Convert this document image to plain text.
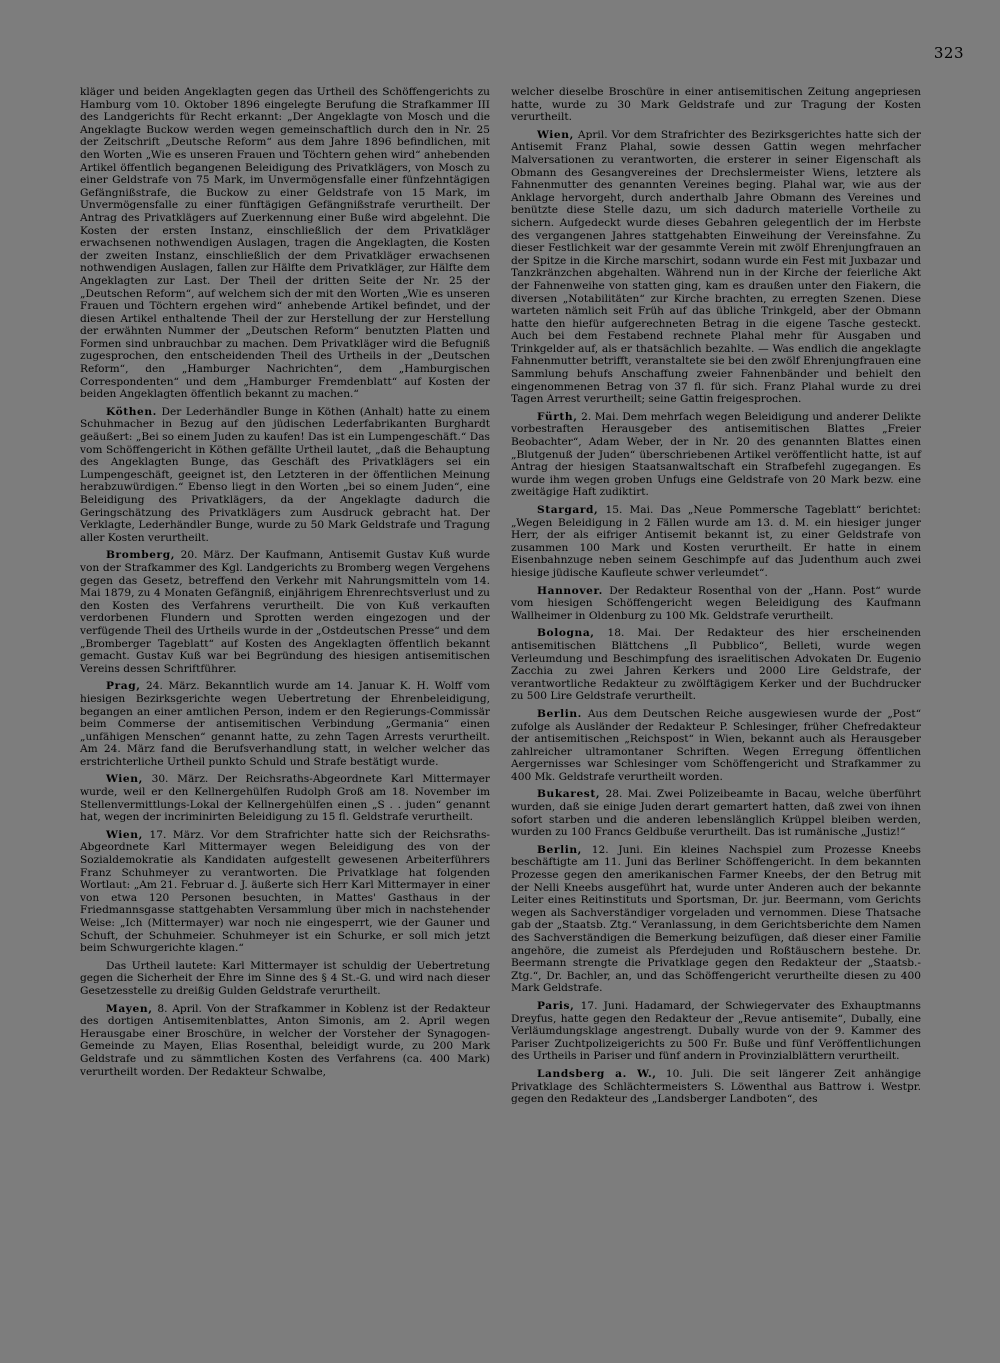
323

kläger und beiden Angeklagten gegen das Urtheil des Schöffengerichts zu Hamburg vom 10. Oktober 1896 eingelegte Berufung die Strafkammer III des Landgerichts für Recht erkannt: „Der Angeklagte von Mosch und die Angeklagte Buckow werden wegen gemeinschaftlich durch den in Nr. 25 der Zeitschrift „Deutsche Reform“ aus dem Jahre 1896 befindlichen, mit den Worten „Wie es unseren Frauen und Töchtern gehen wird“ anhebenden Artikel öffentlich begangenen Beleidigung des Privatklägers, von Mosch zu einer Geldstrafe von 75 Mark, im Unvermögensfalle einer fünfzehntägigen Gefängnißstrafe, die Buckow zu einer Geldstrafe von 15 Mark, im Unvermögensfalle zu einer fünftägigen Gefängnißstrafe verurtheilt. Der Antrag des Privatklägers auf Zuerkennung einer Buße wird abgelehnt. Die Kosten der ersten Instanz, einschließlich der dem Privatkläger erwachsenen nothwendigen Auslagen, tragen die Angeklagten, die Kosten der zweiten Instanz, einschließlich der dem Privatkläger erwachsenen nothwendigen Auslagen, fallen zur Hälfte dem Privatkläger, zur Hälfte dem Angeklagten zur Last. Der Theil der dritten Seite der Nr. 25 der „Deutschen Reform“, auf welchem sich der mit den Worten „Wie es unseren Frauen und Töchtern ergehen wird“ anhebende Artikel befindet, und der diesen Artikel enthaltende Theil der zur Herstellung der zur Herstellung der erwähnten Nummer der „Deutschen Reform“ benutzten Platten und Formen sind unbrauchbar zu machen. Dem Privatkläger wird die Befugniß zugesprochen, den entscheidenden Theil des Urtheils in der „Deutschen Reform“, den „Hamburger Nachrichten“, dem „Hamburgischen Correspondenten“ und dem „Hamburger Fremdenblatt“ auf Kosten der beiden Angeklagten öffentlich bekannt zu machen.“

Köthen. Der Lederhändler Bunge in Köthen (Anhalt) hatte zu einem Schuhmacher in Bezug auf den jüdischen Lederfabrikanten Burghardt geäußert: „Bei so einem Juden zu kaufen! Das ist ein Lumpengeschäft.“ Das vom Schöffengericht in Köthen gefällte Urtheil lautet, „daß die Behauptung des Angeklagten Bunge, das Geschäft des Privatklägers sei ein Lumpengeschäft, geeignet ist, den Letzteren in der öffentlichen Meinung herabzuwürdigen.“ Ebenso liegt in den Worten „bei so einem Juden“, eine Beleidigung des Privatklägers, da der Angeklagte dadurch die Geringschätzung des Privatklägers zum Ausdruck gebracht hat. Der Verklagte, Lederhändler Bunge, wurde zu 50 Mark Geldstrafe und Tragung aller Kosten verurtheilt.

Bromberg, 20. März. Der Kaufmann, Antisemit Gustav Kuß wurde von der Strafkammer des Kgl. Landgerichts zu Bromberg wegen Vergehens gegen das Gesetz, betreffend den Verkehr mit Nahrungsmitteln vom 14. Mai 1879, zu 4 Monaten Gefängniß, einjährigem Ehrenrechtsverlust und zu den Kosten des Verfahrens verurtheilt. Die von Kuß verkauften verdorbenen Flundern und Sprotten werden eingezogen und der verfügende Theil des Urtheils wurde in der „Ostdeutschen Presse“ und dem „Bromberger Tageblatt“ auf Kosten des Angeklagten öffentlich bekannt gemacht. Gustav Kuß war bei Begründung des hiesigen antisemitischen Vereins dessen Schriftführer.

Prag, 24. März. Bekanntlich wurde am 14. Januar K. H. Wolff vom hiesigen Bezirksgerichte wegen Uebertretung der Ehrenbeleidigung, begangen an einer amtlichen Person, indem er den Regierungs-Commissär beim Commerse der antisemitischen Verbindung „Germania“ einen „unfähigen Menschen“ genannt hatte, zu zehn Tagen Arrests verurtheilt. Am 24. März fand die Berufsverhandlung statt, in welcher welcher das erstrichterliche Urtheil punkto Schuld und Strafe bestätigt wurde.

Wien, 30. März. Der Reichsraths-Abgeordnete Karl Mittermayer wurde, weil er den Kellnergehülfen Rudolph Groß am 18. November im Stellenvermittlungs-Lokal der Kellnergehülfen einen „S . . juden“ genannt hat, wegen der incriminirten Beleidigung zu 15 fl. Geldstrafe verurtheilt.

Wien, 17. März. Vor dem Strafrichter hatte sich der Reichsraths-Abgeordnete Karl Mittermayer wegen Beleidigung des von der Sozialdemokratie als Kandidaten aufgestellt gewesenen Arbeiterführers Franz Schuhmeyer zu verantworten. Die Privatklage hat folgenden Wortlaut: „Am 21. Februar d. J. äußerte sich Herr Karl Mittermayer in einer von etwa 120 Personen besuchten, in Mattes' Gasthaus in der Friedmannsgasse stattgehabten Versammlung über mich in nachstehender Weise: „Ich (Mittermayer) war noch nie eingesperrt, wie der Gauner und Schuft, der Schuhmeier. Schuhmeyer ist ein Schurke, er soll mich jetzt beim Schwurgerichte klagen.“

Das Urtheil lautete: Karl Mittermayer ist schuldig der Uebertretung gegen die Sicherheit der Ehre im Sinne des § 4 St.-G. und wird nach dieser Gesetzesstelle zu dreißig Gulden Geldstrafe verurtheilt.

Mayen, 8. April. Von der Strafkammer in Koblenz ist der Redakteur des dortigen Antisemitenblattes, Anton Simonis, am 2. April wegen Herausgabe einer Broschüre, in welcher der Vorsteher der Synagogen-Gemeinde zu Mayen, Elias Rosenthal, beleidigt wurde, zu 200 Mark Geldstrafe und zu sämmtlichen Kosten des Verfahrens (ca. 400 Mark) verurtheilt worden. Der Redakteur Schwalbe,

welcher dieselbe Broschüre in einer antisemitischen Zeitung angepriesen hatte, wurde zu 30 Mark Geldstrafe und zur Tragung der Kosten verurtheilt.

Wien, April. Vor dem Strafrichter des Bezirksgerichtes hatte sich der Antisemit Franz Plahal, sowie dessen Gattin wegen mehrfacher Malversationen zu verantworten, die ersterer in seiner Eigenschaft als Obmann des Gesangvereines der Drechslermeister Wiens, letztere als Fahnenmutter des genannten Vereines beging. Plahal war, wie aus der Anklage hervorgeht, durch anderthalb Jahre Obmann des Vereines und benützte diese Stelle dazu, um sich dadurch materielle Vortheile zu sichern. Aufgedeckt wurde dieses Gebahren gelegentlich der im Herbste des vergangenen Jahres stattgehabten Einweihung der Vereinsfahne. Zu dieser Festlichkeit war der gesammte Verein mit zwölf Ehrenjungfrauen an der Spitze in die Kirche marschirt, sodann wurde ein Fest mit Juxbazar und Tanzkränzchen abgehalten. Während nun in der Kirche der feierliche Akt der Fahnenweihe von statten ging, kam es draußen unter den Fiakern, die diversen „Notabilitäten“ zur Kirche brachten, zu erregten Szenen. Diese warteten nämlich seit Früh auf das übliche Trinkgeld, aber der Obmann hatte den hiefür aufgerechneten Betrag in die eigene Tasche gesteckt. Auch bei dem Festabend rechnete Plahal mehr für Ausgaben und Trinkgelder auf, als er thatsächlich bezahlte. — Was endlich die angeklagte Fahnenmutter betrifft, veranstaltete sie bei den zwölf Ehrenjungfrauen eine Sammlung behufs Anschaffung zweier Fahnenbänder und behielt den eingenommenen Betrag von 37 fl. für sich. Franz Plahal wurde zu drei Tagen Arrest verurtheilt; seine Gattin freigesprochen.

Fürth, 2. Mai. Dem mehrfach wegen Beleidigung und anderer Delikte vorbestraften Herausgeber des antisemitischen Blattes „Freier Beobachter“, Adam Weber, der in Nr. 20 des genannten Blattes einen „Blutgenuß der Juden“ überschriebenen Artikel veröffentlicht hatte, ist auf Antrag der hiesigen Staatsanwaltschaft ein Strafbefehl zugegangen. Es wurde ihm wegen groben Unfugs eine Geldstrafe von 20 Mark bezw. eine zweitägige Haft zudiktirt.

Stargard, 15. Mai. Das „Neue Pommersche Tageblatt“ berichtet: „Wegen Beleidigung in 2 Fällen wurde am 13. d. M. ein hiesiger junger Herr, der als eifriger Antisemit bekannt ist, zu einer Geldstrafe von zusammen 100 Mark und Kosten verurtheilt. Er hatte in einem Eisenbahnzuge neben seinem Geschimpfe auf das Judenthum auch zwei hiesige jüdische Kaufleute schwer verleumdet“.

Hannover. Der Redakteur Rosenthal von der „Hann. Post“ wurde vom hiesigen Schöffengericht wegen Beleidigung des Kaufmann Wallheimer in Oldenburg zu 100 Mk. Geldstrafe verurtheilt.

Bologna, 18. Mai. Der Redakteur des hier erscheinenden antisemitischen Blättchens „Il Pubblico“, Belleti, wurde wegen Verleumdung und Beschimpfung des israelitischen Advokaten Dr. Eugenio Zacchia zu zwei Jahren Kerkers und 2000 Lire Geldstrafe, der verantwortliche Redakteur zu zwölftägigem Kerker und der Buchdrucker zu 500 Lire Geldstrafe verurtheilt.

Berlin. Aus dem Deutschen Reiche ausgewiesen wurde der „Post“ zufolge als Ausländer der Redakteur P. Schlesinger, früher Chefredakteur der antisemitischen „Reichspost“ in Wien, bekannt auch als Herausgeber zahlreicher ultramontaner Schriften. Wegen Erregung öffentlichen Aergernisses war Schlesinger vom Schöffengericht und Strafkammer zu 400 Mk. Geldstrafe verurtheilt worden.

Bukarest, 28. Mai. Zwei Polizeibeamte in Bacau, welche überführt wurden, daß sie einige Juden derart gemartert hatten, daß zwei von ihnen sofort starben und die anderen lebenslänglich Krüppel bleiben werden, wurden zu 100 Francs Geldbuße verurtheilt. Das ist rumänische „Justiz!“

Berlin, 12. Juni. Ein kleines Nachspiel zum Prozesse Kneebs beschäftigte am 11. Juni das Berliner Schöffengericht. In dem bekannten Prozesse gegen den amerikanischen Farmer Kneebs, der den Betrug mit der Nelli Kneebs ausgeführt hat, wurde unter Anderen auch der bekannte Leiter eines Reitinstituts und Sportsman, Dr. jur. Beermann, vom Gerichts wegen als Sachverständiger vorgeladen und vernommen. Diese Thatsache gab der „Staatsb. Ztg.“ Veranlassung, in dem Gerichtsberichte dem Namen des Sachverständigen die Bemerkung beizufügen, daß dieser einer Familie angehöre, die zumeist als Pferdejuden und Roßtäuschern bestehe. Dr. Beermann strengte die Privatklage gegen den Redakteur der „Staatsb.-Ztg.“, Dr. Bachler, an, und das Schöffengericht verurtheilte diesen zu 400 Mark Geldstrafe.

Paris, 17. Juni. Hadamard, der Schwiegervater des Exhauptmanns Dreyfus, hatte gegen den Redakteur der „Revue antisemite“, Dubally, eine Verläumdungsklage angestrengt. Dubally wurde von der 9. Kammer des Pariser Zuchtpolizeigerichts zu 500 Fr. Buße und fünf Veröffentlichungen des Urtheils in Pariser und fünf andern in Provinzialblättern verurtheilt.

Landsberg a. W., 10. Juli. Die seit längerer Zeit anhängige Privatklage des Schlächtermeisters S. Löwenthal aus Battrow i. Westpr. gegen den Redakteur des „Landsberger Landboten“, des
